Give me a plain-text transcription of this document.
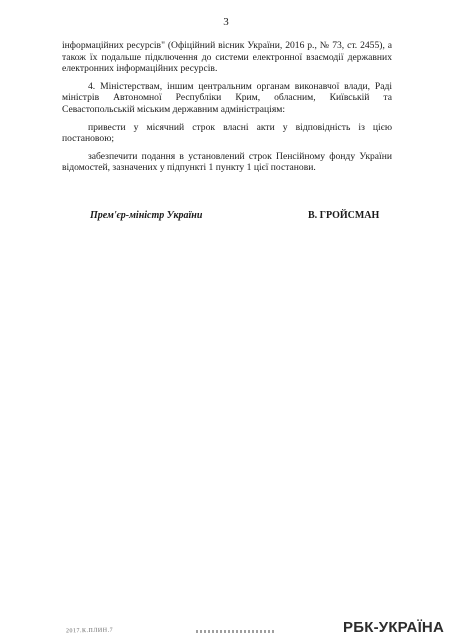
3

інформаційних ресурсів" (Офіційний вісник України, 2016 р., № 73, ст. 2455), а також їх подальше підключення до системи електронної взаємодії державних електронних інформаційних ресурсів.

4. Міністерствам, іншим центральним органам виконавчої влади, Раді міністрів Автономної Республіки Крим, обласним, Київській та Севастопольській міським державним адміністраціям:

привести у місячний строк власні акти у відповідність із цією постановою;

забезпечити подання в установлений строк Пенсійному фонду України відомостей, зазначених у підпункті 1 пункту 1 цієї постанови.

Прем'єр-міністр України	В. ГРОЙСМАН
2017.К.ПЛИН.7	РБК-УКРАЇНА
